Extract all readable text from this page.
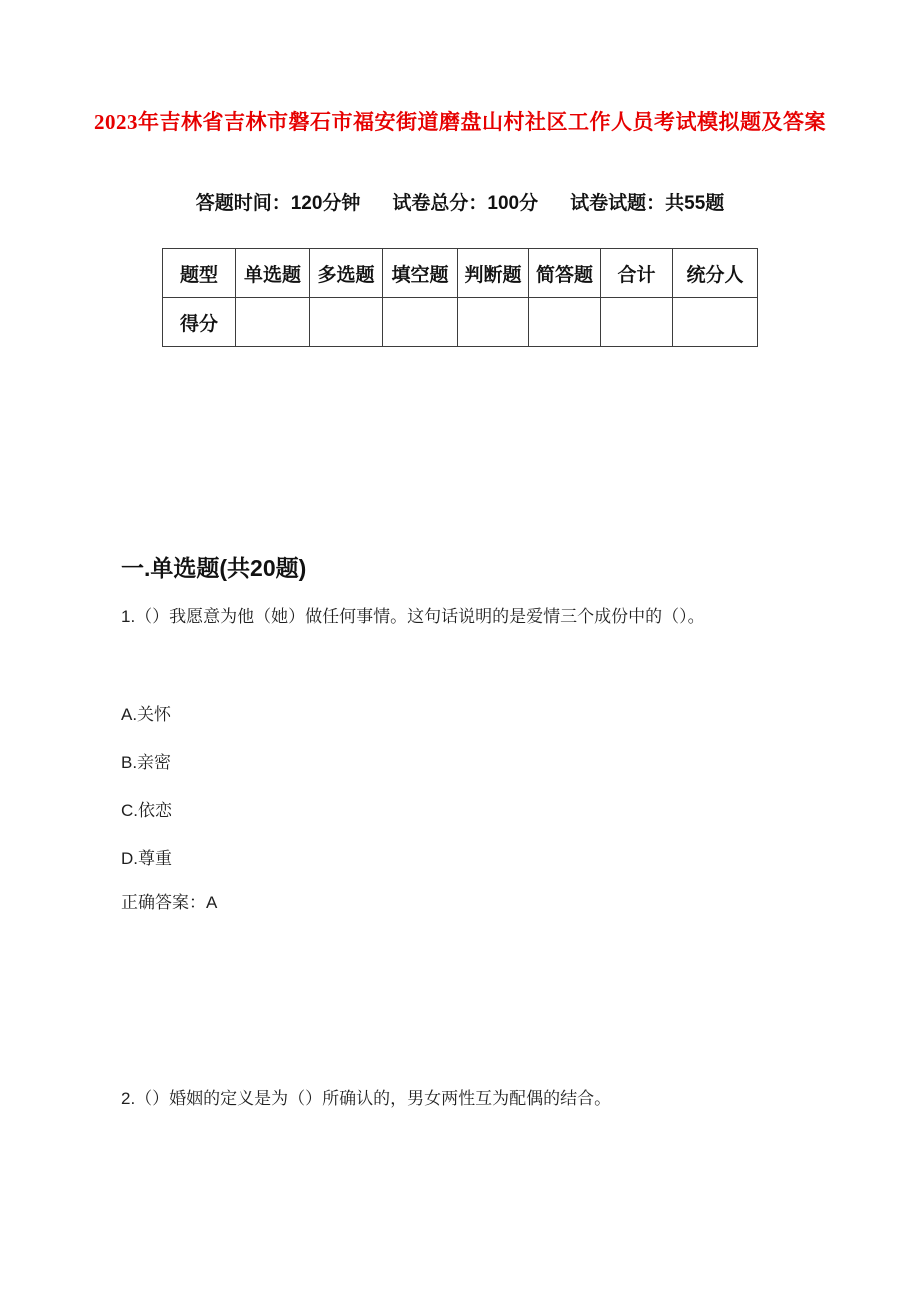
2023年吉林省吉林市磐石市福安街道磨盘山村社区工作人员考试模拟题及答案
答题时间：120分钟 试卷总分：100分 试卷试题：共55题
题型	单选题	多选题	填空题	判断题	简答题	合计	统分人
得分							
一.单选题(共20题)
1.（）我愿意为他（她）做任何事情。这句话说明的是爱情三个成份中的（）。
A.关怀
B.亲密
C.依恋
D.尊重
正确答案：A
2.（）婚姻的定义是为（）所确认的，男女两性互为配偶的结合。
